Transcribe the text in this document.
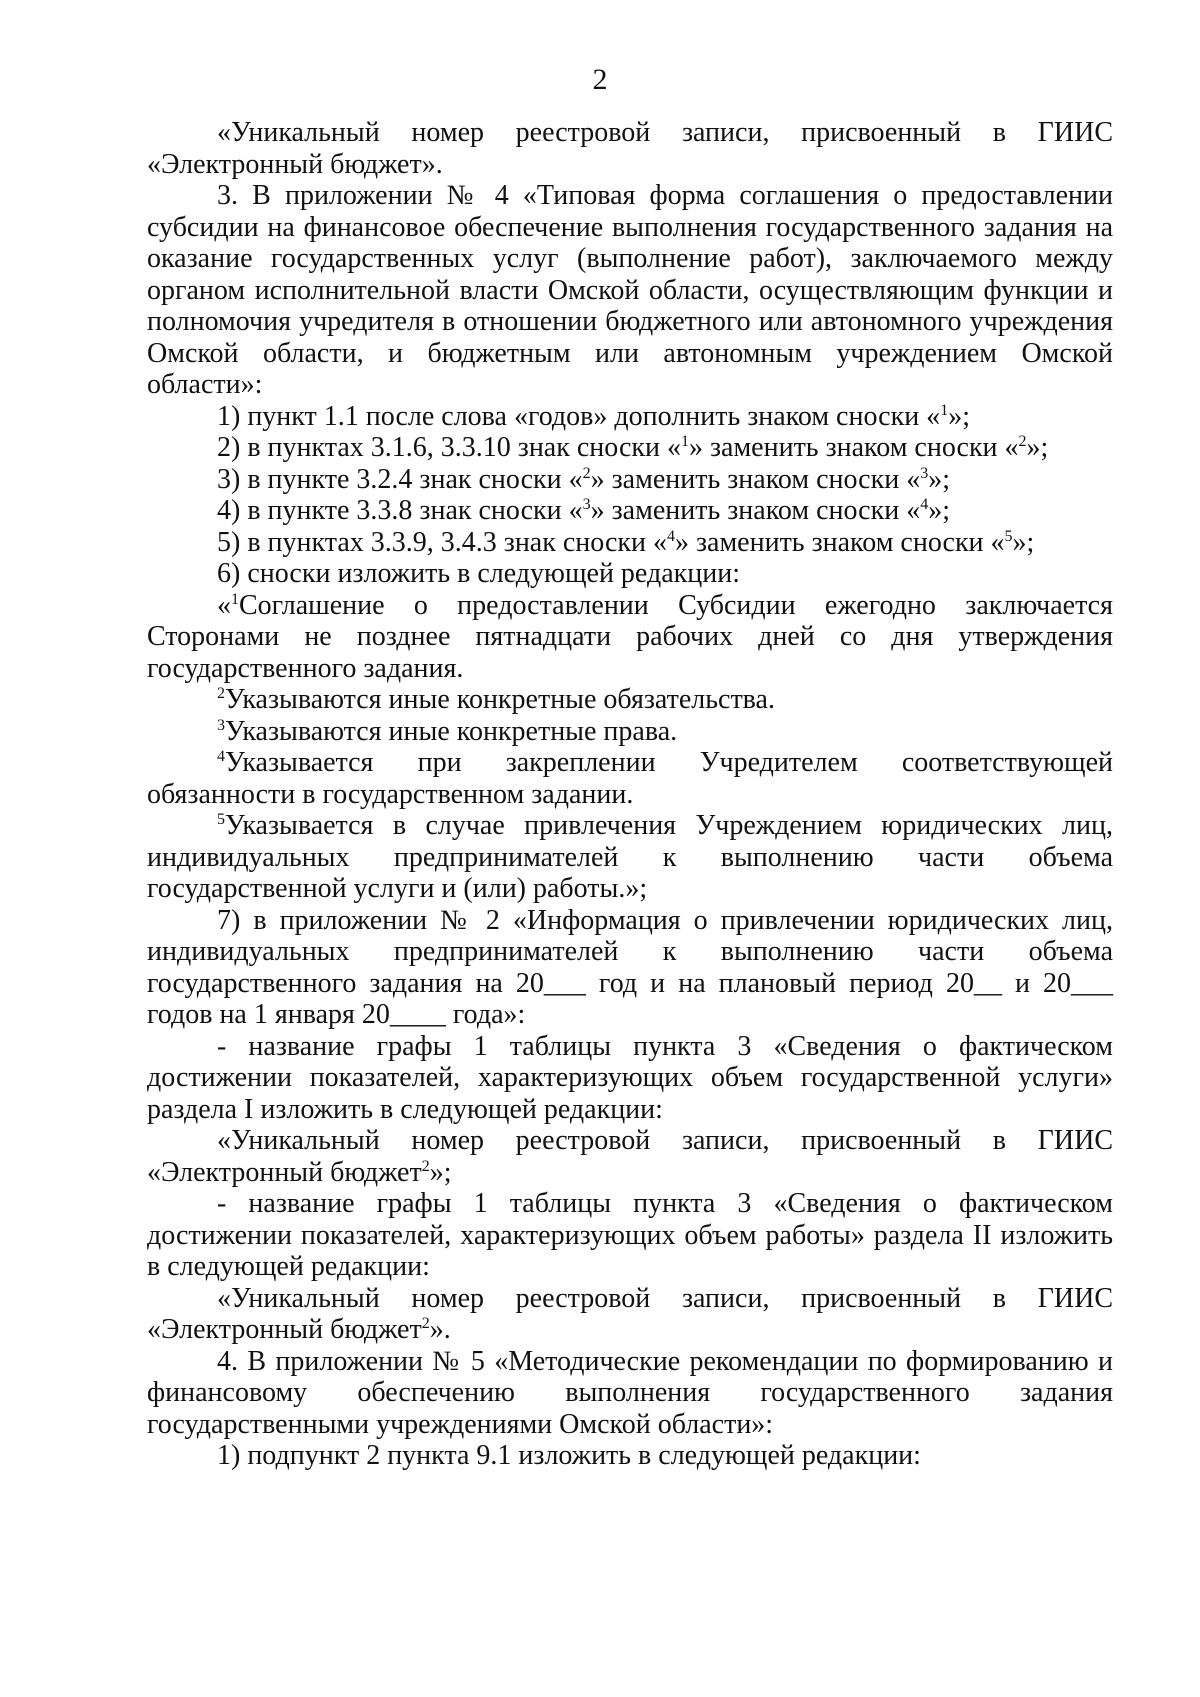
2

«Уникальный номер реестровой записи, присвоенный в ГИИС «Электронный бюджет».

3. В приложении № 4 «Типовая форма соглашения о предоставлении субсидии на финансовое обеспечение выполнения государственного задания на оказание государственных услуг (выполнение работ), заключаемого между органом исполнительной власти Омской области, осуществляющим функции и полномочия учредителя в отношении бюджетного или автономного учреждения Омской области, и бюджетным или автономным учреждением Омской области»:

1) пункт 1.1 после слова «годов» дополнить знаком сноски «$^1$»;

2) в пунктах 3.1.6, 3.3.10 знак сноски «$^1$» заменить знаком сноски «$^2$»;

3) в пункте 3.2.4 знак сноски «$^2$» заменить знаком сноски «$^3$»;

4) в пункте 3.3.8 знак сноски «$^3$» заменить знаком сноски «$^4$»;

5) в пунктах 3.3.9, 3.4.3 знак сноски «$^4$» заменить знаком сноски «$^5$»;

6) сноски изложить в следующей редакции:

«$^1$Соглашение о предоставлении Субсидии ежегодно заключается Сторонами не позднее пятнадцати рабочих дней со дня утверждения государственного задания.

$^2$Указываются иные конкретные обязательства.

$^3$Указываются иные конкретные права.

$^4$Указывается при закреплении Учредителем соответствующей обязанности в государственном задании.

$^5$Указывается в случае привлечения Учреждением юридических лиц, индивидуальных предпринимателей к выполнению части объема государственной услуги и (или) работы.»;

7) в приложении № 2 «Информация о привлечении юридических лиц, индивидуальных предпринимателей к выполнению части объема государственного задания на 20___ год и на плановый период 20__ и 20___ годов на 1 января 20____ года»:

- название графы 1 таблицы пункта 3 «Сведения о фактическом достижении показателей, характеризующих объем государственной услуги» раздела I изложить в следующей редакции:

«Уникальный номер реестровой записи, присвоенный в ГИИС «Электронный бюджет$^2$»;

- название графы 1 таблицы пункта 3 «Сведения о фактическом достижении показателей, характеризующих объем работы» раздела II изложить в следующей редакции:

«Уникальный номер реестровой записи, присвоенный в ГИИС «Электронный бюджет$^2$».

4. В приложении № 5 «Методические рекомендации по формированию и финансовому обеспечению выполнения государственного задания государственными учреждениями Омской области»:

1) подпункт 2 пункта 9.1 изложить в следующей редакции:
